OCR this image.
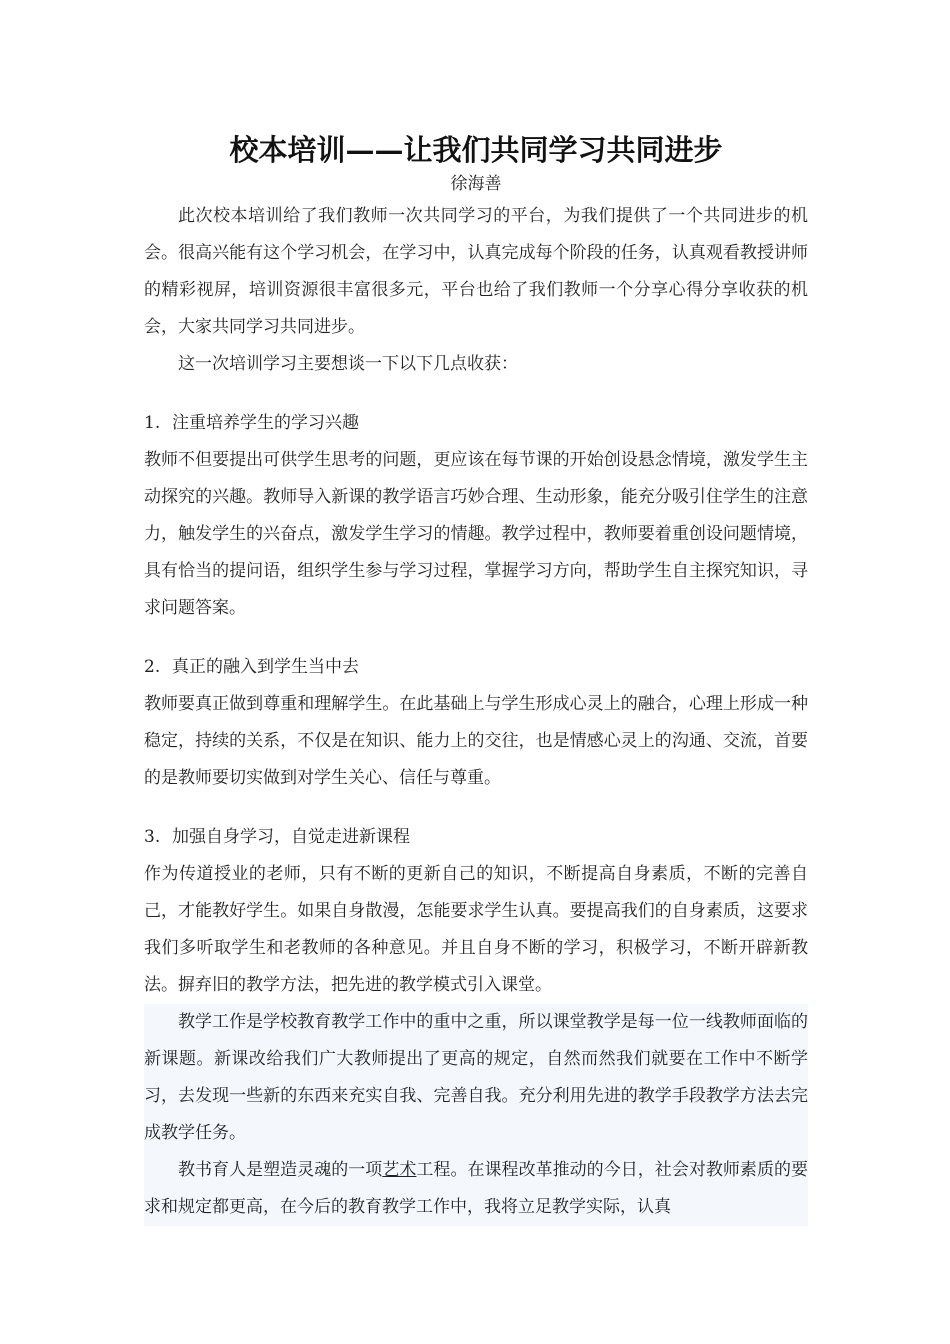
校本培训——让我们共同学习共同进步

徐海善

此次校本培训给了我们教师一次共同学习的平台，为我们提供了一个共同进步的机会。很高兴能有这个学习机会，在学习中，认真完成每个阶段的任务，认真观看教授讲师的精彩视屏，培训资源很丰富很多元，平台也给了我们教师一个分享心得分享收获的机会，大家共同学习共同进步。

这一次培训学习主要想谈一下以下几点收获：

1. 注重培养学生的学习兴趣

教师不但要提出可供学生思考的问题，更应该在每节课的开始创设悬念情境，激发学生主动探究的兴趣。教师导入新课的教学语言巧妙合理、生动形象，能充分吸引住学生的注意力，触发学生的兴奋点，激发学生学习的情趣。教学过程中，教师要着重创设问题情境，具有恰当的提问语，组织学生参与学习过程，掌握学习方向，帮助学生自主探究知识，寻求问题答案。

2. 真正的融入到学生当中去

教师要真正做到尊重和理解学生。在此基础上与学生形成心灵上的融合，心理上形成一种稳定，持续的关系，不仅是在知识、能力上的交往，也是情感心灵上的沟通、交流，首要的是教师要切实做到对学生关心、信任与尊重。

3. 加强自身学习，自觉走进新课程

作为传道授业的老师，只有不断的更新自己的知识，不断提高自身素质，不断的完善自己，才能教好学生。如果自身散漫，怎能要求学生认真。要提高我们的自身素质，这要求我们多听取学生和老教师的各种意见。并且自身不断的学习，积极学习，不断开辟新教法。摒弃旧的教学方法，把先进的教学模式引入课堂。

教学工作是学校教育教学工作中的重中之重，所以课堂教学是每一位一线教师面临的新课题。新课改给我们广大教师提出了更高的规定，自然而然我们就要在工作中不断学习，去发现一些新的东西来充实自我、完善自我。充分利用先进的教学手段教学方法去完成教学任务。

教书育人是塑造灵魂的一项艺术工程。在课程改革推动的今日，社会对教师素质的要求和规定都更高，在今后的教育教学工作中，我将立足教学实际，认真
